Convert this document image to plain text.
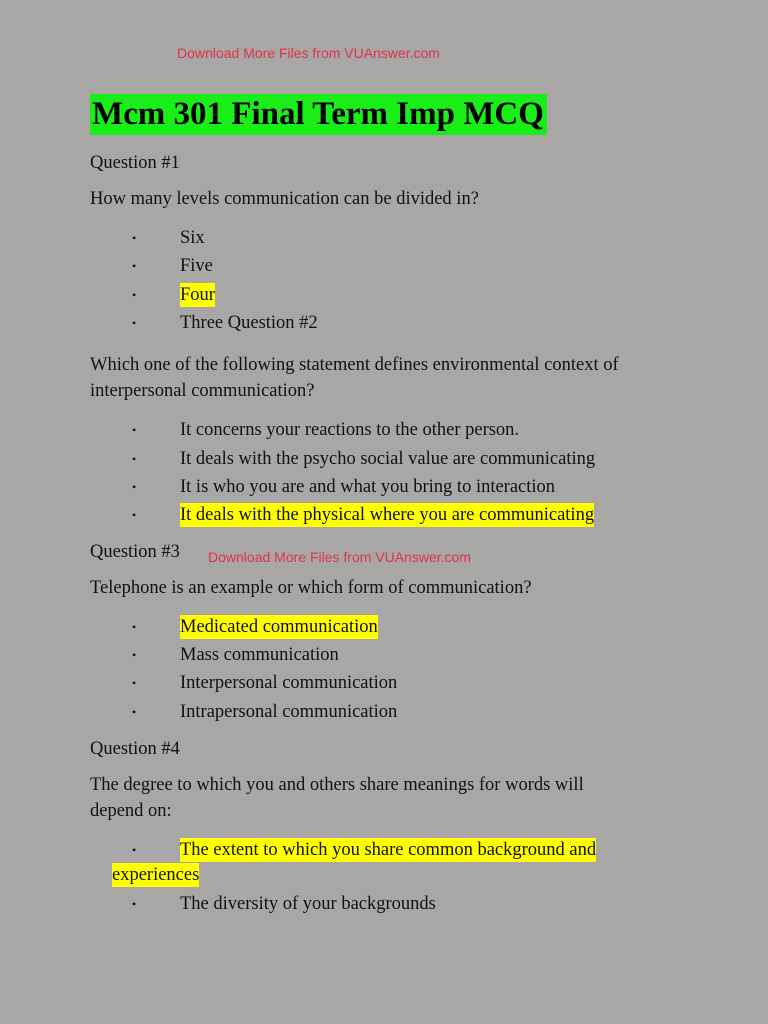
Download More Files from VUAnswer.com
Mcm 301 Final Term Imp MCQ
Question #1
How many levels communication can be divided in?
• Six
• Five
• Four
• Three Question #2
Which one of the following statement defines environmental context of
interpersonal communication?
• It concerns your reactions to the other person.
• It deals with the psycho social value are communicating
• It is who you are and what you bring to interaction
• It deals with the physical where you are communicating
Question #3 Download More Files from VUAnswer.com
Telephone is an example or which form of communication?
• Medicated communication
• Mass communication
• Interpersonal communication
• Intrapersonal communication
Question #4
The degree to which you and others share meanings for words will
depend on:
• The extent to which you share common background and
experiences
• The diversity of your backgrounds
